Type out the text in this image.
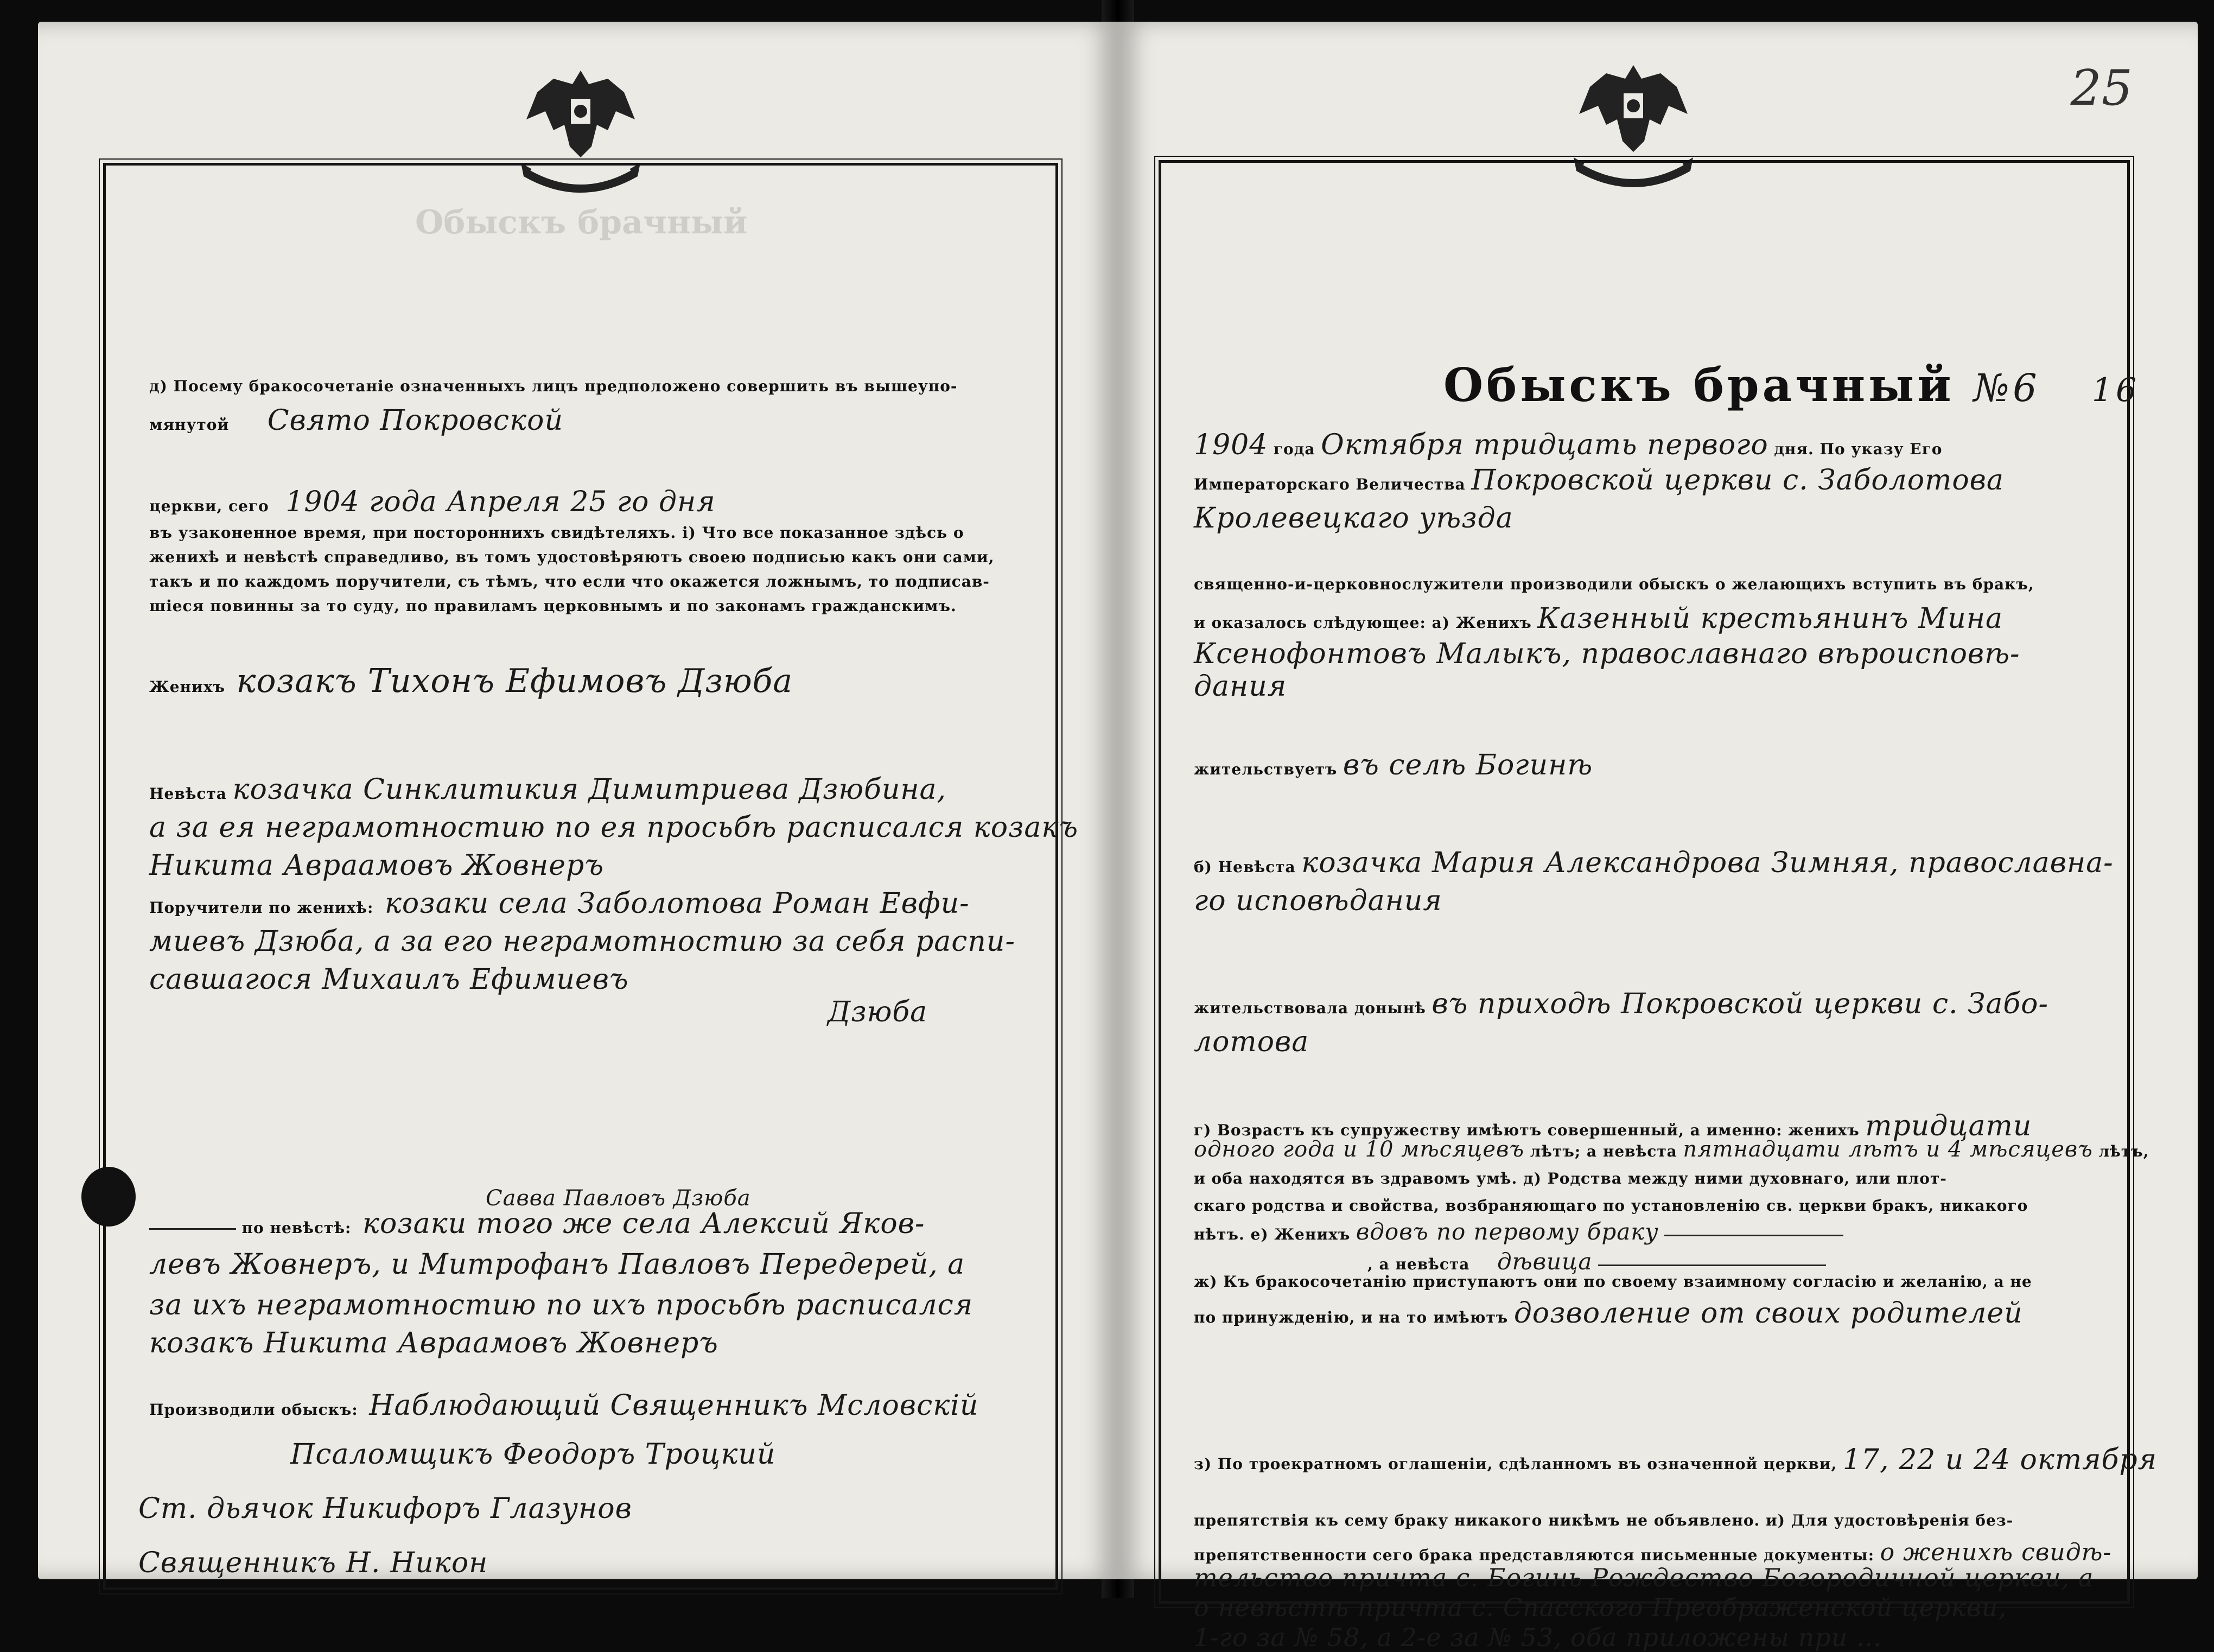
Обыскъ брачный
д) Посему бракосочетаніе означенныхъ лицъ предположено совершить въ вышеупо-
мянутой Свято Покровской
церкви, сего 1904 года Апреля 25 го дня
въ узаконенное время, при постороннихъ свидѣтеляхъ. і) Что все показанное здѣсь о
женихѣ и невѣстѣ справедливо, въ томъ удостовѣряютъ своею подписью какъ они сами,
такъ и по каждомъ поручители, съ тѣмъ, что если что окажется ложнымъ, то подписав-
шіеся повинны за то суду, по правиламъ церковнымъ и по законамъ гражданскимъ.
Женихъ козакъ Тихонъ Ефимовъ Дзюба
Невѣста козачка Синклитикия Димитриева Дзюбина,
а за ея неграмотностию по ея просьбѣ расписался козакъ
Никита Авраамовъ Жовнеръ
Поручители по женихѣ: козаки села Заболотова Роман Евфи-
миевъ Дзюба, а за его неграмотностию за себя распи-
савшагося Михаилъ Ефимиевъ
Дзюба
Савва Павловъ Дзюба
по невѣстѣ: козаки того же села Алексий Яков-
левъ Жовнеръ, и Митрофанъ Павловъ Передерей, а
за ихъ неграмотностию по ихъ просьбѣ расписался
козакъ Никита Авраамовъ Жовнеръ
Производили обыскъ: Наблюдающий Священникъ Мсловскій
Псаломщикъ Феодоръ Троцкий
Ст. дьячок Никифоръ Глазунов
Священникъ Н. Никон
25
Обыскъ брачный №6 16
1904 года Октября тридцать первого дня. По указу Его
Императорскаго Величества Покровской церкви с. Заболотова
Кролевецкаго уѣзда
священно-и-церковнослужители производили обыскъ о желающихъ вступить въ бракъ,
и оказалось слѣдующее: а) Женихъ Казенный крестьянинъ Мина
Ксенофонтовъ Малыкъ, православнаго вѣроисповѣ-
дания
жительствуетъ въ селѣ Богинѣ
б) Невѣста козачка Мария Александрова Зимняя, православна-
го исповѣдания
жительствовала донынѣ въ приходѣ Покровской церкви с. Забо-
лотова
г) Возрастъ къ супружеству имѣютъ совершенный, а именно: женихъ тридцати
одного года и 10 мѣсяцевъ лѣтъ; а невѣста пятнадцати лѣтъ и 4 мѣсяцевъ лѣтъ,
и оба находятся въ здравомъ умѣ. д) Родства между ними духовнаго, или плот-
скаго родства и свойства, возбраняющаго по установленію св. церкви бракъ, никакого
нѣтъ. е) Женихъ вдовъ по первому браку
, а невѣста дѣвица
ж) Къ бракосочетанію приступаютъ они по своему взаимному согласію и желанію, а не
по принужденію, и на то имѣютъ дозволение от своих родителей
з) По троекратномъ оглашеніи, сдѣланномъ въ означенной церкви, 17, 22 и 24 октября
препятствія къ сему браку никакого никѣмъ не объявлено. и) Для удостовѣренія без-
препятственности сего брака представляются письменные документы: о женихѣ свидѣ-
тельство причта с. Богинь Рождество Богородичной церкви, а
о невѣстѣ причта с. Спасского Преображенской церкви,
1-го за № 58, а 2-е за № 53, оба приложены при ...
